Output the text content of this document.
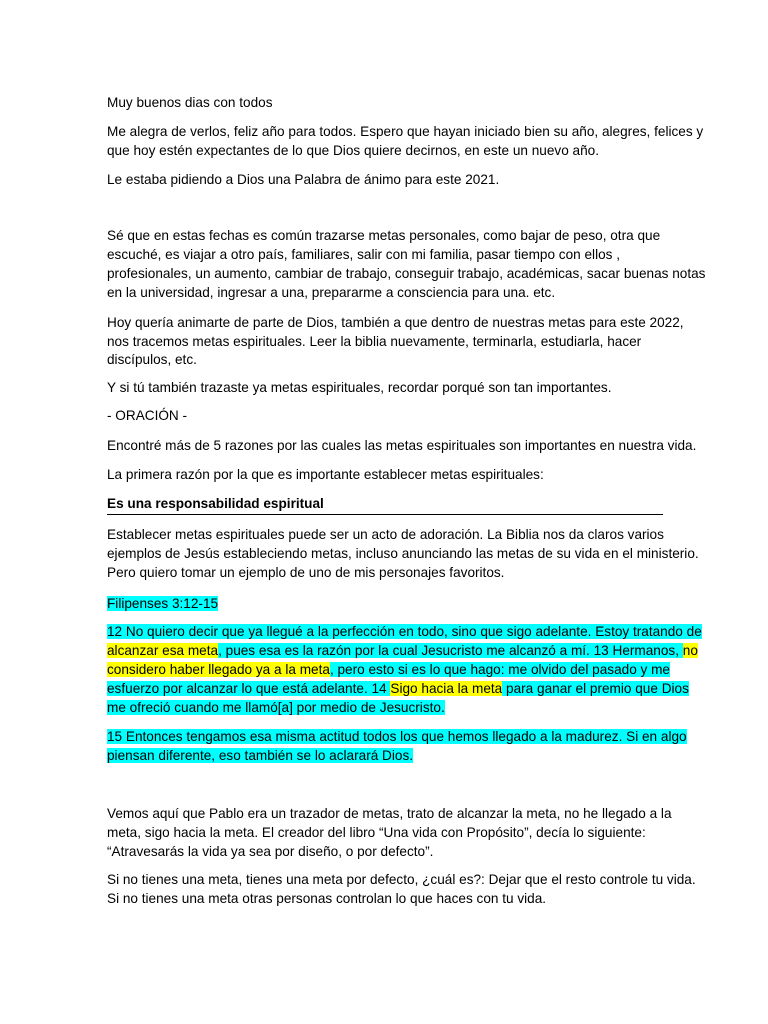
Muy buenos dias con todos
Me alegra de verlos, feliz año para todos. Espero que hayan iniciado bien su año, alegres, felices y
que hoy estén expectantes de lo que Dios quiere decirnos, en este un nuevo año.
Le estaba pidiendo a Dios una Palabra de ánimo para este 2021.
Sé que en estas fechas es común trazarse metas personales, como bajar de peso, otra que
escuché, es viajar a otro país, familiares, salir con mi familia, pasar tiempo con ellos ,
profesionales, un aumento, cambiar de trabajo, conseguir trabajo, académicas, sacar buenas notas
en la universidad, ingresar a una, prepararme a consciencia para una. etc.
Hoy quería animarte de parte de Dios, también a que dentro de nuestras metas para este 2022,
nos tracemos metas espirituales. Leer la biblia nuevamente, terminarla, estudiarla, hacer
discípulos, etc.
Y si tú también trazaste ya metas espirituales, recordar porqué son tan importantes.
- ORACIÓN -
Encontré más de 5 razones por las cuales las metas espirituales son importantes en nuestra vida.
La primera razón por la que es importante establecer metas espirituales:
Es una responsabilidad espiritual
Establecer metas espirituales puede ser un acto de adoración. La Biblia nos da claros varios
ejemplos de Jesús estableciendo metas, incluso anunciando las metas de su vida en el ministerio.
Pero quiero tomar un ejemplo de uno de mis personajes favoritos.
Filipenses 3:12-15
12 No quiero decir que ya llegué a la perfección en todo, sino que sigo adelante. Estoy tratando de
alcanzar esa meta, pues esa es la razón por la cual Jesucristo me alcanzó a mí. 13 Hermanos, no
considero haber llegado ya a la meta, pero esto si es lo que hago: me olvido del pasado y me
esfuerzo por alcanzar lo que está adelante. 14 Sigo hacia la meta para ganar el premio que Dios
me ofreció cuando me llamó[a] por medio de Jesucristo.
15 Entonces tengamos esa misma actitud todos los que hemos llegado a la madurez. Si en algo
piensan diferente, eso también se lo aclarará Dios.
Vemos aquí que Pablo era un trazador de metas, trato de alcanzar la meta, no he llegado a la
meta, sigo hacia la meta. El creador del libro “Una vida con Propósito”, decía lo siguiente:
“Atravesarás la vida ya sea por diseño, o por defecto”.
Si no tienes una meta, tienes una meta por defecto, ¿cuál es?: Dejar que el resto controle tu vida.
Si no tienes una meta otras personas controlan lo que haces con tu vida.
